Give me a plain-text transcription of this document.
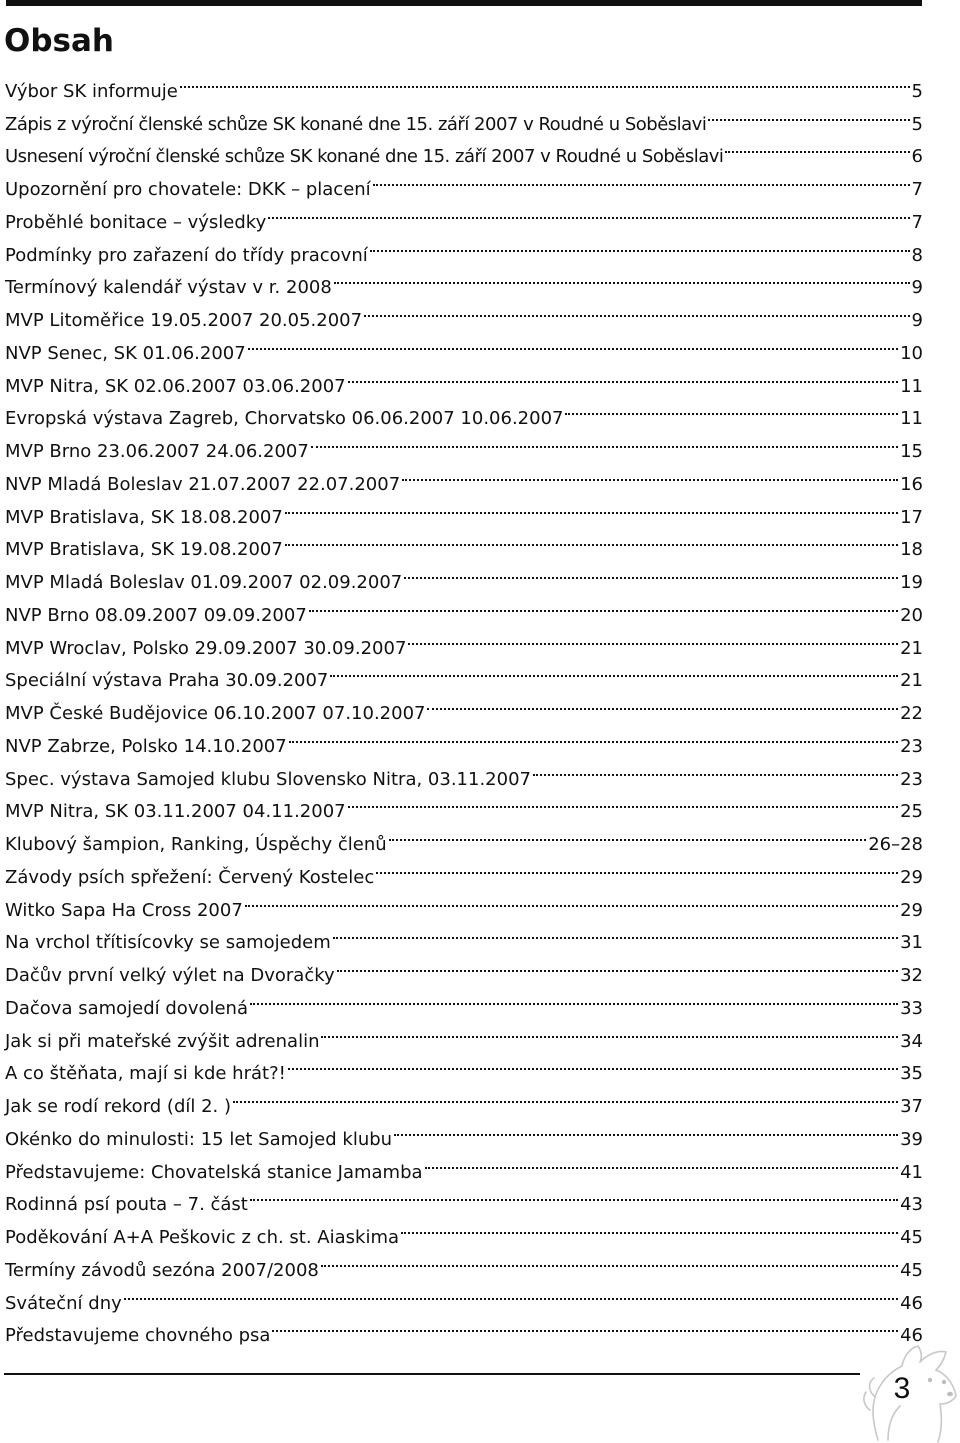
Obsah
Výbor SK informuje	5
Zápis z výroční členské schůze SK konané dne 15. září 2007 v Roudné u Soběslavi	5
Usnesení výroční členské schůze SK konané dne 15. září 2007 v Roudné u Soběslavi	6
Upozornění pro chovatele: DKK – placení	7
Proběhlé bonitace – výsledky	7
Podmínky pro zařazení do třídy pracovní	8
Termínový kalendář výstav v r. 2008	9
MVP Litoměřice 19.05.2007 20.05.2007	9
NVP Senec, SK 01.06.2007	10
MVP Nitra, SK 02.06.2007 03.06.2007	11
Evropská výstava Zagreb, Chorvatsko 06.06.2007 10.06.2007	11
MVP Brno 23.06.2007 24.06.2007	15
NVP Mladá Boleslav 21.07.2007 22.07.2007	16
MVP Bratislava, SK 18.08.2007	17
MVP Bratislava, SK 19.08.2007	18
MVP Mladá Boleslav 01.09.2007 02.09.2007	19
NVP Brno 08.09.2007 09.09.2007	20
MVP Wroclav, Polsko 29.09.2007 30.09.2007	21
Speciální výstava Praha 30.09.2007	21
MVP České Budějovice 06.10.2007 07.10.2007	22
NVP Zabrze, Polsko 14.10.2007	23
Spec. výstava Samojed klubu Slovensko Nitra, 03.11.2007	23
MVP Nitra, SK 03.11.2007 04.11.2007	25
Klubový šampion, Ranking, Úspěchy členů	26–28
Závody psích spřežení: Červený Kostelec	29
Witko Sapa Ha Cross 2007	29
Na vrchol třítisícovky se samojedem	31
Dačův první velký výlet na Dvoračky	32
Dačova samojedí dovolená	33
Jak si při mateřské zvýšit adrenalin	34
A co štěňata, mají si kde hrát?!	35
Jak se rodí rekord (díl 2. )	37
Okénko do minulosti: 15 let Samojed klubu	39
Představujeme: Chovatelská stanice Jamamba	41
Rodinná psí pouta – 7. část	43
Poděkování A+A Peškovic z ch. st. Aiaskima	45
Termíny závodů sezóna 2007/2008	45
Sváteční dny	46
Představujeme chovného psa	46
3
